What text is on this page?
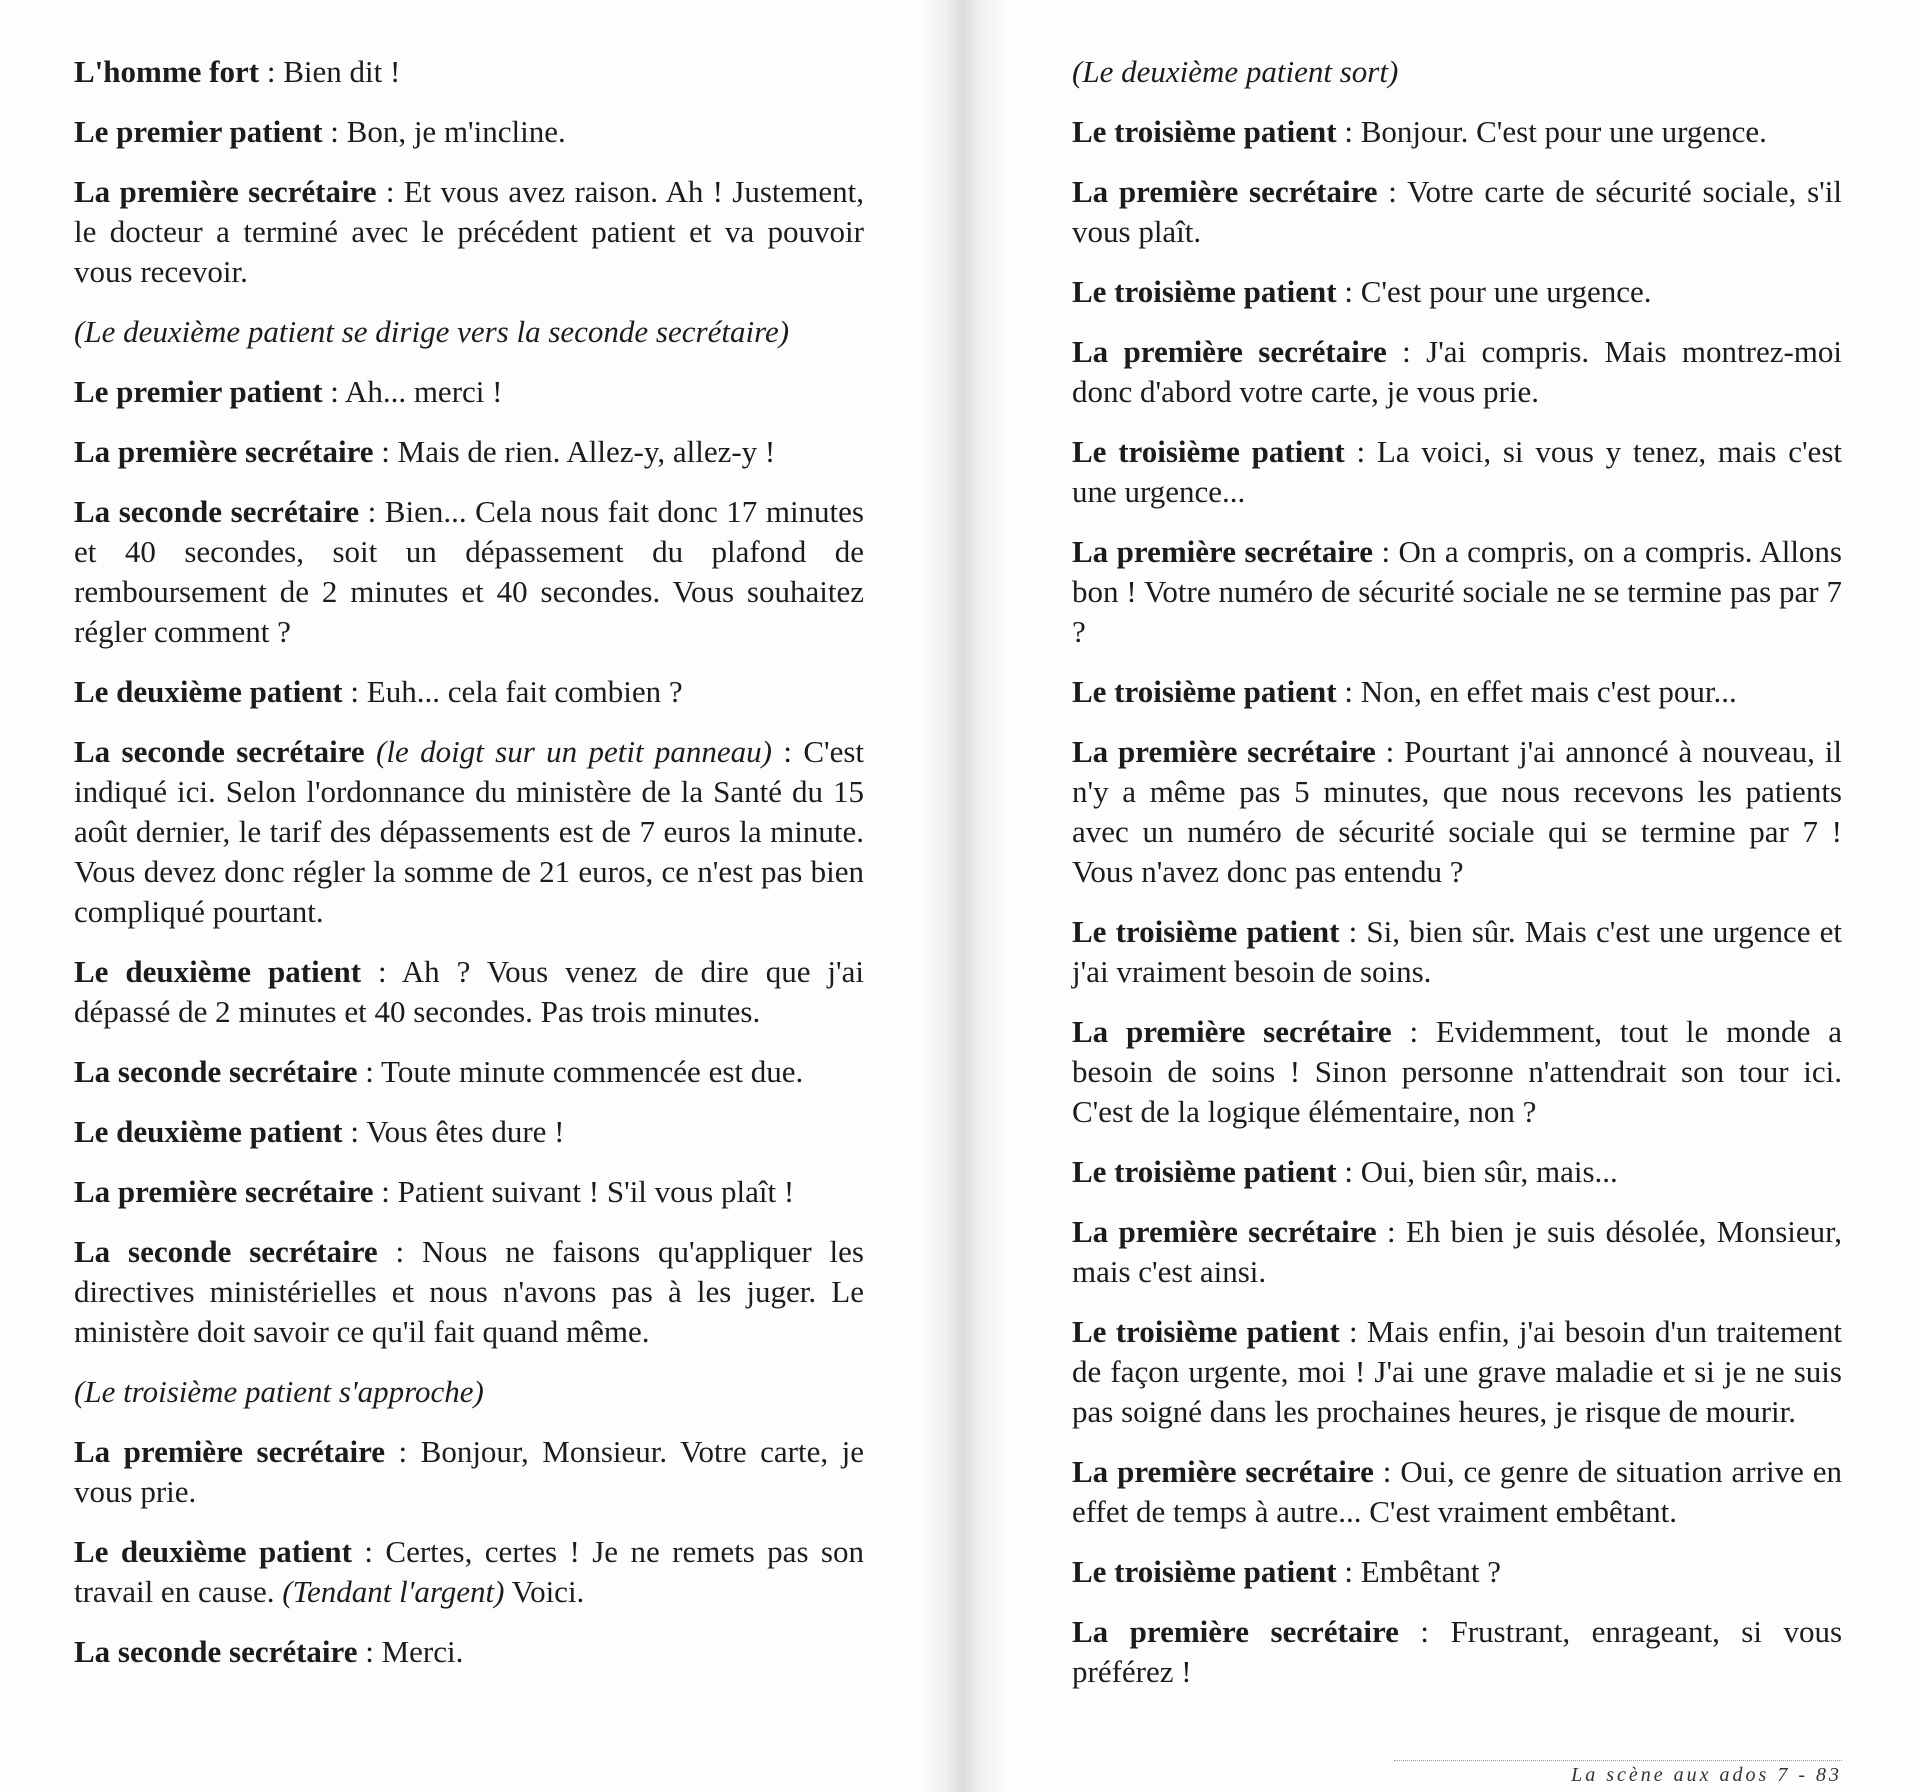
L'homme fort : Bien dit !

Le premier patient : Bon, je m'incline.

La première secrétaire : Et vous avez raison. Ah ! Justement, le docteur a terminé avec le précédent patient et va pouvoir vous recevoir.

(Le deuxième patient se dirige vers la seconde secrétaire)

Le premier patient : Ah... merci !

La première secrétaire : Mais de rien. Allez-y, allez-y !

La seconde secrétaire : Bien... Cela nous fait donc 17 minutes et 40 secondes, soit un dépassement du plafond de remboursement de 2 minutes et 40 secondes. Vous souhaitez régler comment ?

Le deuxième patient : Euh... cela fait combien ?

La seconde secrétaire (le doigt sur un petit panneau) : C'est indiqué ici. Selon l'ordonnance du ministère de la Santé du 15 août dernier, le tarif des dépassements est de 7 euros la minute. Vous devez donc régler la somme de 21 euros, ce n'est pas bien compliqué pourtant.

Le deuxième patient : Ah ? Vous venez de dire que j'ai dépassé de 2 minutes et 40 secondes. Pas trois minutes.

La seconde secrétaire : Toute minute commencée est due.

Le deuxième patient : Vous êtes dure !

La première secrétaire : Patient suivant ! S'il vous plaît !

La seconde secrétaire : Nous ne faisons qu'appliquer les directives ministérielles et nous n'avons pas à les juger. Le ministère doit savoir ce qu'il fait quand même.

(Le troisième patient s'approche)

La première secrétaire : Bonjour, Monsieur. Votre carte, je vous prie.

Le deuxième patient : Certes, certes ! Je ne remets pas son travail en cause. (Tendant l'argent) Voici.

La seconde secrétaire : Merci.

(Le deuxième patient sort)

Le troisième patient : Bonjour. C'est pour une urgence.

La première secrétaire : Votre carte de sécurité sociale, s'il vous plaît.

Le troisième patient : C'est pour une urgence.

La première secrétaire : J'ai compris. Mais montrez-moi donc d'abord votre carte, je vous prie.

Le troisième patient : La voici, si vous y tenez, mais c'est une urgence...

La première secrétaire : On a compris, on a compris. Allons bon ! Votre numéro de sécurité sociale ne se termine pas par 7 ?

Le troisième patient : Non, en effet mais c'est pour...

La première secrétaire : Pourtant j'ai annoncé à nouveau, il n'y a même pas 5 minutes, que nous recevons les patients avec un numéro de sécurité sociale qui se termine par 7 ! Vous n'avez donc pas entendu ?

Le troisième patient : Si, bien sûr. Mais c'est une urgence et j'ai vraiment besoin de soins.

La première secrétaire : Evidemment, tout le monde a besoin de soins ! Sinon personne n'attendrait son tour ici. C'est de la logique élémentaire, non ?

Le troisième patient : Oui, bien sûr, mais...

La première secrétaire : Eh bien je suis désolée, Monsieur, mais c'est ainsi.

Le troisième patient : Mais enfin, j'ai besoin d'un traitement de façon urgente, moi ! J'ai une grave maladie et si je ne suis pas soigné dans les prochaines heures, je risque de mourir.

La première secrétaire : Oui, ce genre de situation arrive en effet de temps à autre... C'est vraiment embêtant.

Le troisième patient : Embêtant ?

La première secrétaire : Frustrant, enrageant, si vous préférez !

La scène aux ados 7 - 83
